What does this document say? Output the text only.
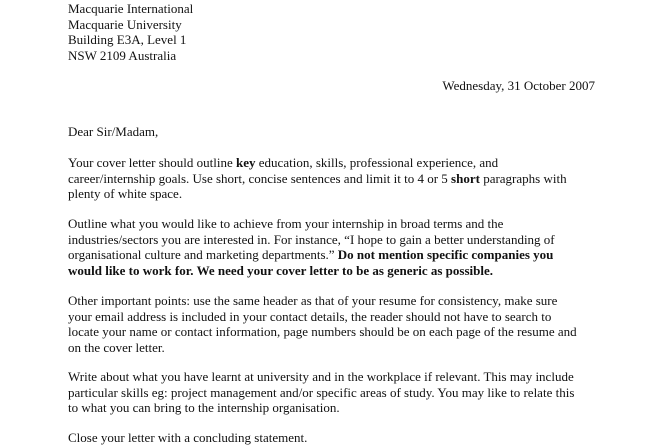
Macquarie International
Macquarie University
Building E3A, Level 1
NSW 2109 Australia
Wednesday, 31 October 2007
Dear Sir/Madam,
Your cover letter should outline key education, skills, professional experience, and
career/internship goals. Use short, concise sentences and limit it to 4 or 5 short paragraphs with
plenty of white space.
Outline what you would like to achieve from your internship in broad terms and the
industries/sectors you are interested in. For instance, “I hope to gain a better understanding of
organisational culture and marketing departments.” Do not mention specific companies you
would like to work for. We need your cover letter to be as generic as possible.
Other important points: use the same header as that of your resume for consistency, make sure
your email address is included in your contact details, the reader should not have to search to
locate your name or contact information, page numbers should be on each page of the resume and
on the cover letter.
Write about what you have learnt at university and in the workplace if relevant. This may include
particular skills eg: project management and/or specific areas of study. You may like to relate this
to what you can bring to the internship organisation.
Close your letter with a concluding statement.
